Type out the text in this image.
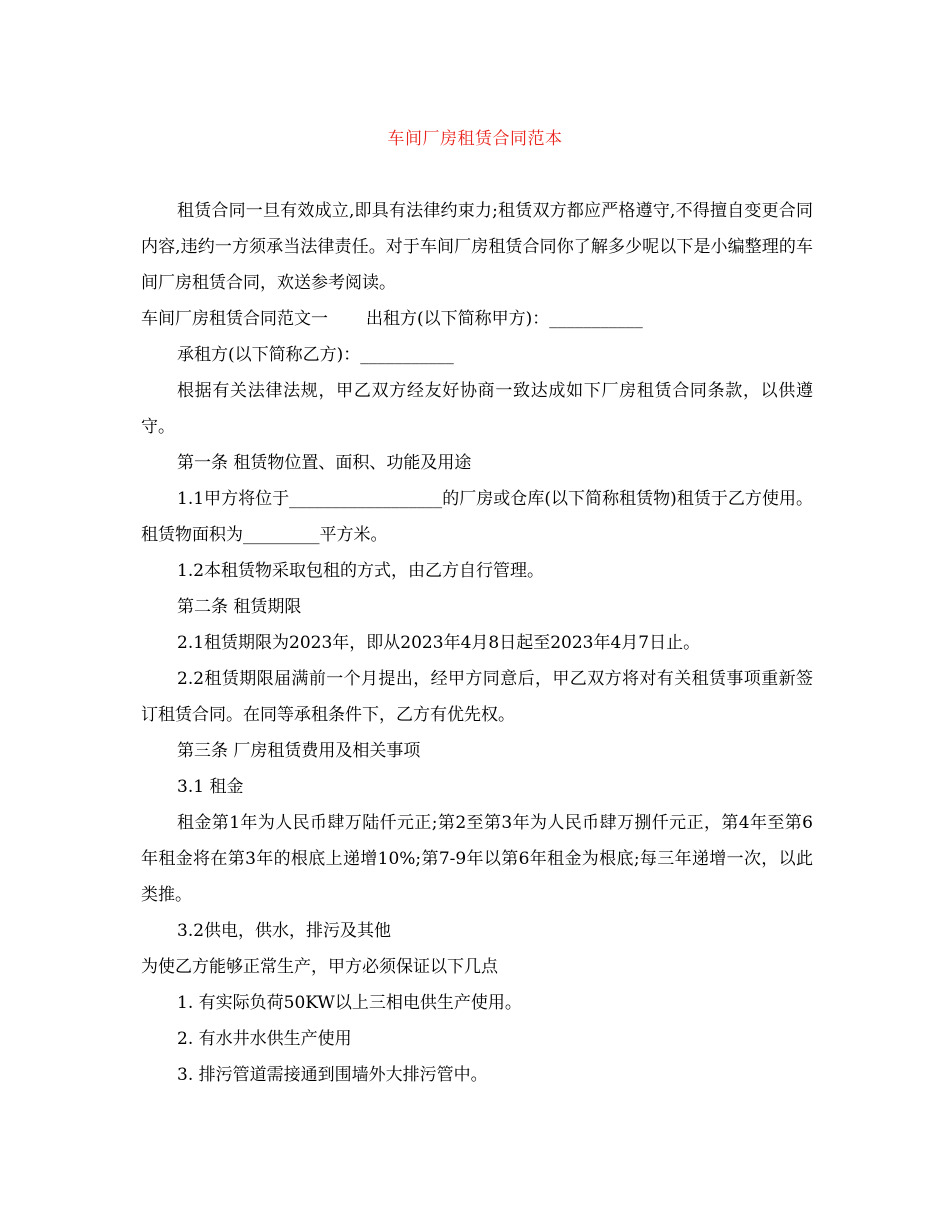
车间厂房租赁合同范本

租赁合同一旦有效成立,即具有法律约束力;租赁双方都应严格遵守,不得擅自变更合同内容,违约一方须承当法律责任。对于车间厂房租赁合同你了解多少呢以下是小编整理的车间厂房租赁合同，欢送参考阅读。

车间厂房租赁合同范文一 出租方(以下简称甲方)：___________

承租方(以下简称乙方)：___________

根据有关法律法规，甲乙双方经友好协商一致达成如下厂房租赁合同条款，以供遵守。

第一条 租赁物位置、面积、功能及用途

1.1甲方将位于__________________的厂房或仓库(以下简称租赁物)租赁于乙方使用。租赁物面积为_________平方米。

1.2本租赁物采取包租的方式，由乙方自行管理。

第二条 租赁期限

2.1租赁期限为2023年，即从2023年4月8日起至2023年4月7日止。

2.2租赁期限届满前一个月提出，经甲方同意后，甲乙双方将对有关租赁事项重新签订租赁合同。在同等承租条件下，乙方有优先权。

第三条 厂房租赁费用及相关事项

3.1 租金

租金第1年为人民币肆万陆仟元正;第2至第3年为人民币肆万捌仟元正，第4年至第6年租金将在第3年的根底上递增10%;第7-9年以第6年租金为根底;每三年递增一次，以此类推。

3.2供电，供水，排污及其他

为使乙方能够正常生产，甲方必须保证以下几点

1. 有实际负荷50KW以上三相电供生产使用。

2. 有水井水供生产使用

3. 排污管道需接通到围墙外大排污管中。
